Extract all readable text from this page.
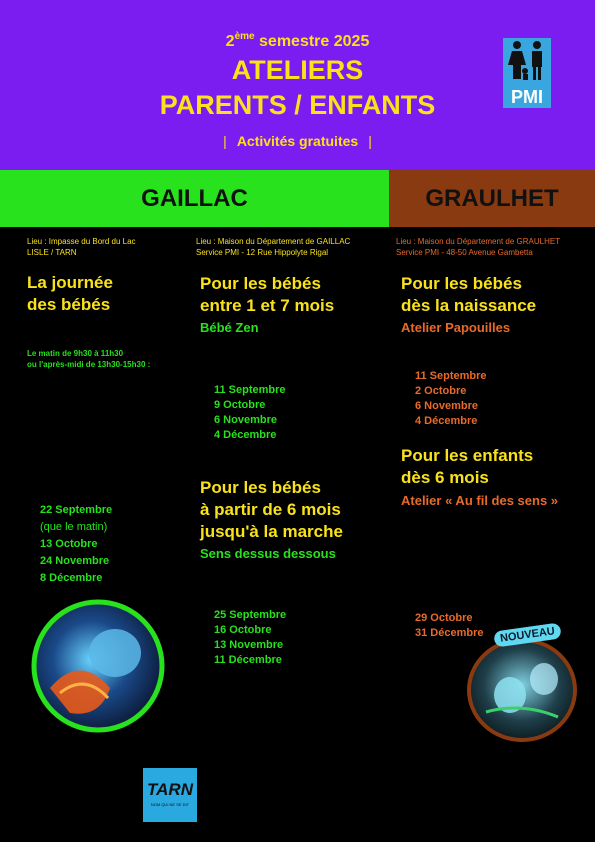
2ème semestre 2025
ATELIERS
PARENTS / ENFANTS
| Activités gratuites |
PMI
GAILLAC	GRAULHET
Lieu : Impasse du Bord du Lac
LISLE / TARN
La journée
des bébés
Le matin de 9h30 à 11h30
ou l'après-midi de 13h30-15h30 :
22 Septembre
(que le matin)
13 Octobre
24 Novembre
8 Décembre
Lieu : Maison du Département de GAILLAC
Service PMI - 12 Rue Hippolyte Rigal
Pour les bébés
entre 1 et 7 mois
Bébé Zen
11 Septembre
9 Octobre
6 Novembre
4 Décembre
Pour les bébés
à partir de 6 mois
jusqu'à la marche
Sens dessus dessous
25 Septembre
16 Octobre
13 Novembre
11 Décembre
Lieu : Maison du Département de GRAULHET
Service PMI - 48-50 Avenue Gambetta
Pour les bébés
dès la naissance
Atelier Papouilles
11 Septembre
2 Octobre
6 Novembre
4 Décembre
Pour les enfants
dès 6 mois
Atelier « Au fil des sens »
29 Octobre
31 Décembre	NOUVEAU
TARN
NOM QUI NE SE DIT
